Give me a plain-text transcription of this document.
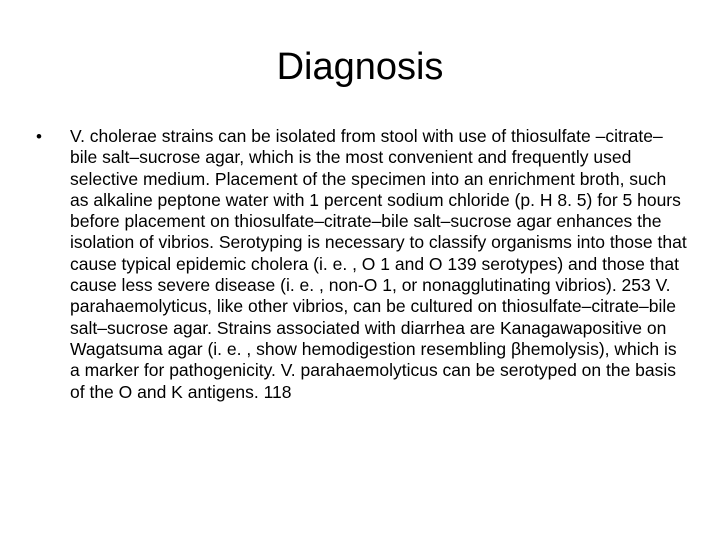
Diagnosis
• V. cholerae strains can be isolated from stool with use of thiosulfate –citrate–bile salt–sucrose agar, which is the most convenient and frequently used selective medium. Placement of the specimen into an enrichment broth, such as alkaline peptone water with 1 percent sodium chloride (p. H 8. 5) for 5 hours before placement on thiosulfate–citrate–bile salt–sucrose agar enhances the isolation of vibrios. Serotyping is necessary to classify organisms into those that cause typical epidemic cholera (i. e. , O 1 and O 139 serotypes) and those that cause less severe disease (i. e. , non-O 1, or nonagglutinating vibrios). 253 V. parahaemolyticus, like other vibrios, can be cultured on thiosulfate–citrate–bile salt–sucrose agar. Strains associated with diarrhea are Kanagawapositive on Wagatsuma agar (i. e. , show hemodigestion resembling βhemolysis), which is a marker for pathogenicity. V. parahaemolyticus can be serotyped on the basis of the O and K antigens. 118
